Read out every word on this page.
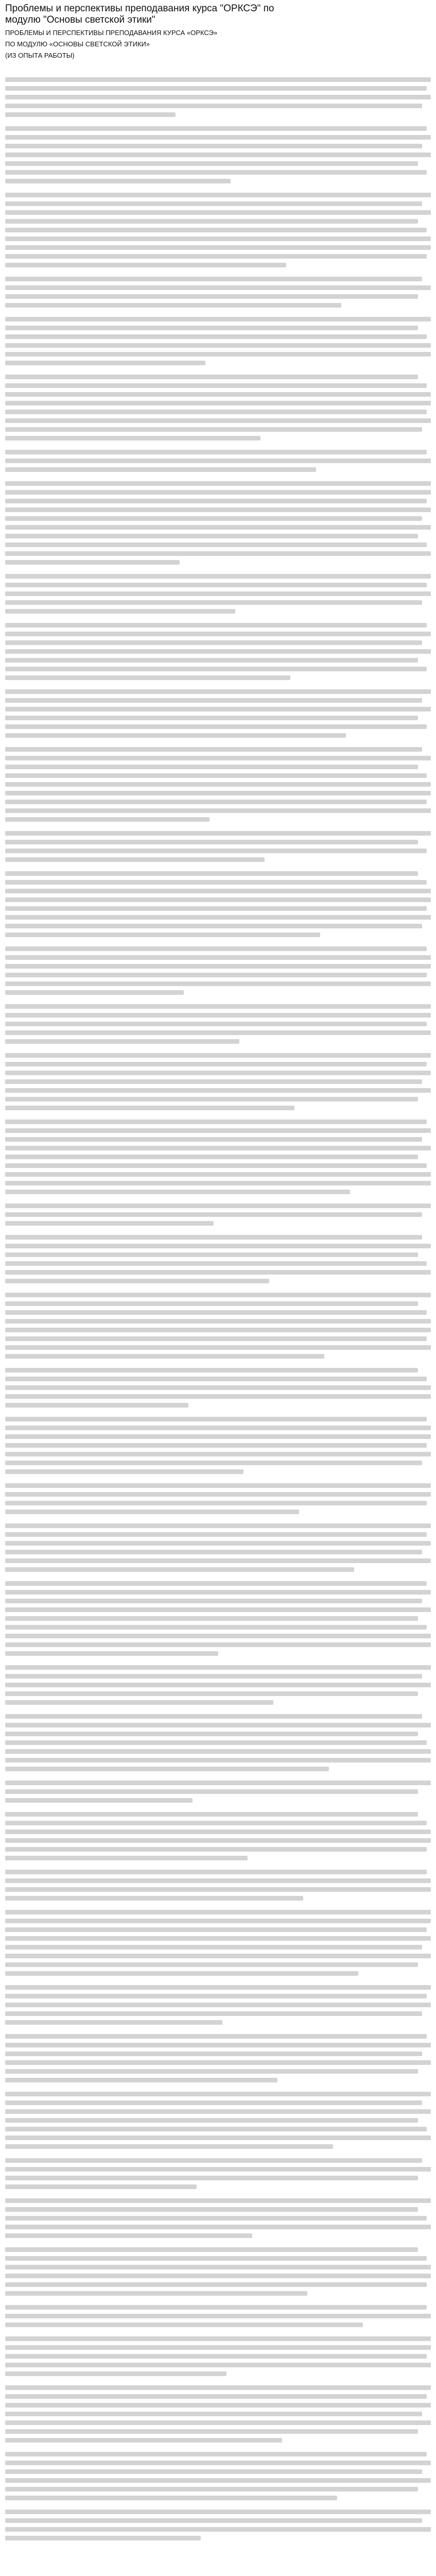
Проблемы и перспективы преподавания курса "ОРКСЭ" по модулю "Основы светской этики"

ПРОБЛЕМЫ И ПЕРСПЕКТИВЫ ПРЕПОДАВАНИЯ КУРСА «ОРКСЭ»

ПО МОДУЛЮ «ОСНОВЫ СВЕТСКОЙ ЭТИКИ»

(ИЗ ОПЫТА РАБОТЫ)
